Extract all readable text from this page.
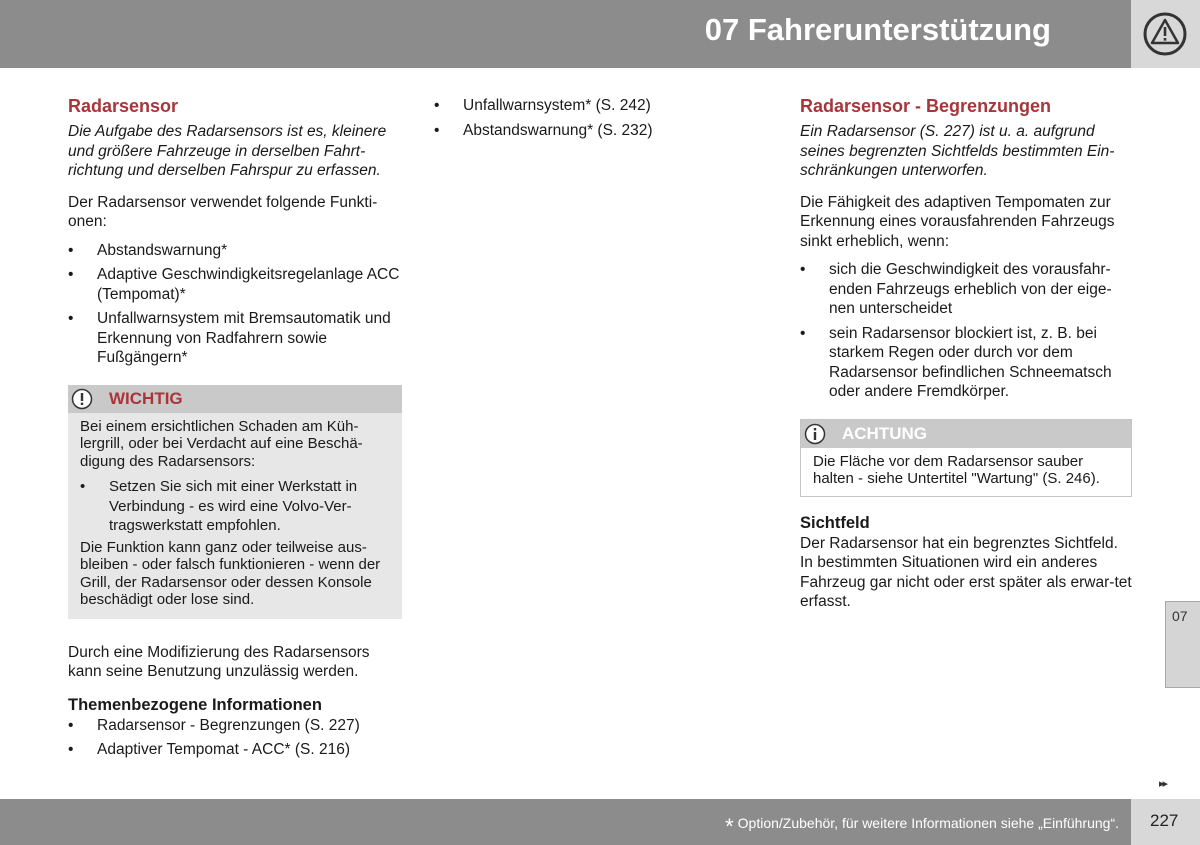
07 Fahrerunterstützung
Radarsensor

Die Aufgabe des Radarsensors ist es, kleinere und größere Fahrzeuge in derselben Fahrt-richtung und derselben Fahrspur zu erfassen.

Der Radarsensor verwendet folgende Funkti-onen:

• Abstandswarnung*
• Adaptive Geschwindigkeitsregelanlage ACC (Tempomat)*
• Unfallwarnsystem mit Bremsautomatik und Erkennung von Radfahrern sowie Fußgängern*
WICHTIG

Bei einem ersichtlichen Schaden am Küh-lergrill, oder bei Verdacht auf eine Beschä-digung des Radarsensors:

• Setzen Sie sich mit einer Werkstatt in Verbindung - es wird eine Volvo-Ver-tragswerkstatt empfohlen.

Die Funktion kann ganz oder teilweise aus-bleiben - oder falsch funktionieren - wenn der Grill, der Radarsensor oder dessen Konsole beschädigt oder lose sind.

Durch eine Modifizierung des Radarsensors kann seine Benutzung unzulässig werden.

Themenbezogene Informationen
• Radarsensor - Begrenzungen (S. 227)
• Adaptiver Tempomat - ACC* (S. 216)
• Unfallwarnsystem* (S. 242)
• Abstandswarnung* (S. 232)
Radarsensor - Begrenzungen

Ein Radarsensor (S. 227) ist u. a. aufgrund seines begrenzten Sichtfelds bestimmten Ein-schränkungen unterworfen.

Die Fähigkeit des adaptiven Tempomaten zur Erkennung eines vorausfahrenden Fahrzeugs sinkt erheblich, wenn:

• sich die Geschwindigkeit des vorausfahr-enden Fahrzeugs erheblich von der eige-nen unterscheidet
• sein Radarsensor blockiert ist, z. B. bei starkem Regen oder durch vor dem Radarsensor befindlichen Schneematsch oder andere Fremdkörper.
ACHTUNG

Die Fläche vor dem Radarsensor sauber halten - siehe Untertitel "Wartung" (S. 246).

Sichtfeld

Der Radarsensor hat ein begrenztes Sichtfeld. In bestimmten Situationen wird ein anderes Fahrzeug gar nicht oder erst später als erwar-tet erfasst.

07
▸▸
* Option/Zubehör, für weitere Informationen siehe „Einführung“. 227
